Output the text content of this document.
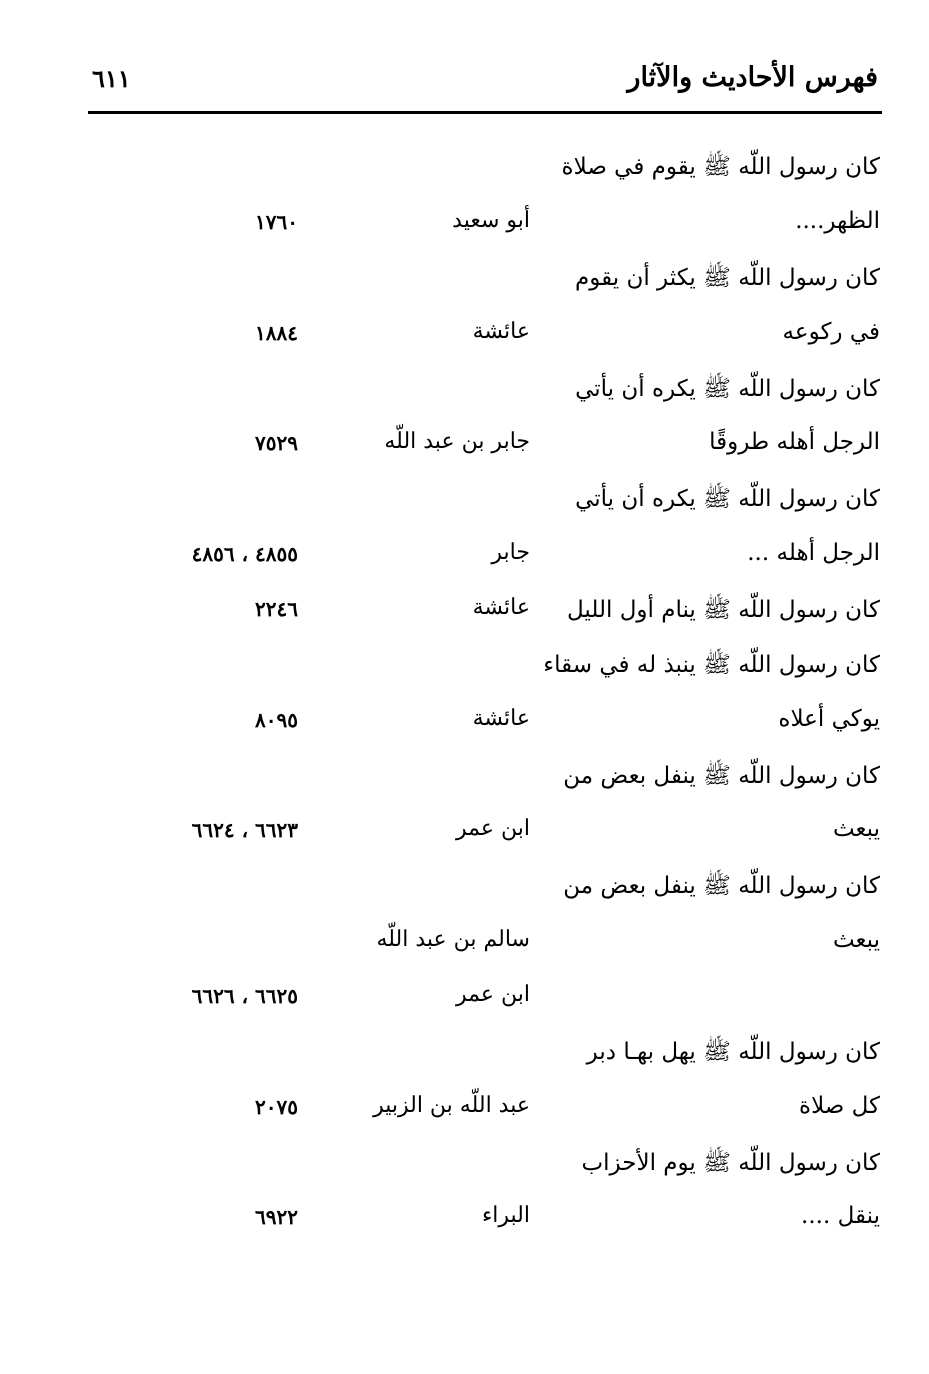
فهرس الأحاديث والآثار
٦١١
كان رسول اللّه ﷺ يقوم في صلاة
الظهر....
أبو سعيد
١٧٦٠
كان رسول اللّه ﷺ يكثر أن يقوم
في ركوعه
عائشة
١٨٨٤
كان رسول اللّه ﷺ يكره أن يأتي
الرجل أهله طروقًا
جابر بن عبد اللّه
٧٥٢٩
كان رسول اللّه ﷺ يكره أن يأتي
الرجل أهله ...
جابر
٤٨٥٥ ، ٤٨٥٦
كان رسول اللّه ﷺ ينام أول الليل
عائشة
٢٢٤٦
كان رسول اللّه ﷺ ينبذ له في سقاء
يوكي أعلاه
عائشة
٨٠٩٥
كان رسول اللّه ﷺ ينفل بعض من
يبعث
ابن عمر
٦٦٢٣ ، ٦٦٢٤
كان رسول اللّه ﷺ ينفل بعض من
يبعث
سالم بن عبد اللّه
ابن عمر
٦٦٢٥ ، ٦٦٢٦
كان رسول اللّه ﷺ يهل بهـا دبر
كل صلاة
عبد اللّه بن الزبير
٢٠٧٥
كان رسول اللّه ﷺ يوم الأحزاب
ينقل ....
البراء
٦٩٢٢
